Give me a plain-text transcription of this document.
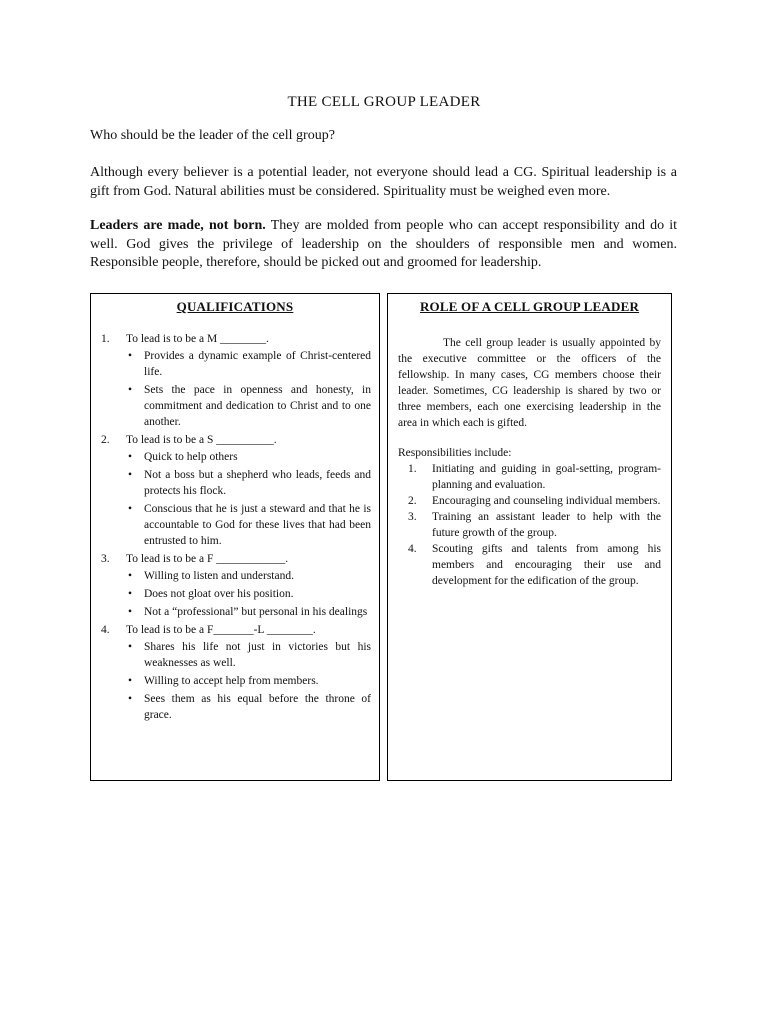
THE CELL GROUP LEADER

Who should be the leader of the cell group?

Although every believer is a potential leader, not everyone should lead a CG. Spiritual leadership is a gift from God. Natural abilities must be considered. Spirituality must be weighed even more.

Leaders are made, not born. They are molded from people who can accept responsibility and do it well. God gives the privilege of leadership on the shoulders of responsible men and women. Responsible people, therefore, should be picked out and groomed for leadership.

QUALIFICATIONS
1. To lead is to be a M ________.
• Provides a dynamic example of Christ-centered life.
• Sets the pace in openness and honesty, in commitment and dedication to Christ and to one another.
2. To lead is to be a S __________.
• Quick to help others
• Not a boss but a shepherd who leads, feeds and protects his flock.
• Conscious that he is just a steward and that he is accountable to God for these lives that had been entrusted to him.
3. To lead is to be a F ____________.
• Willing to listen and understand.
• Does not gloat over his position.
• Not a “professional” but personal in his dealings
4. To lead is to be a F_______-L ________.
• Shares his life not just in victories but his weaknesses as well.
• Willing to accept help from members.
• Sees them as his equal before the throne of grace.
ROLE OF A CELL GROUP LEADER

The cell group leader is usually appointed by the executive committee or the officers of the fellowship. In many cases, CG members choose their leader. Sometimes, CG leadership is shared by two or three members, each one exercising leadership in the area in which each is gifted.

Responsibilities include:
1. Initiating and guiding in goal-setting, program-planning and evaluation.
2. Encouraging and counseling individual members.
3. Training an assistant leader to help with the future growth of the group.
4. Scouting gifts and talents from among his members and encouraging their use and development for the edification of the group.
